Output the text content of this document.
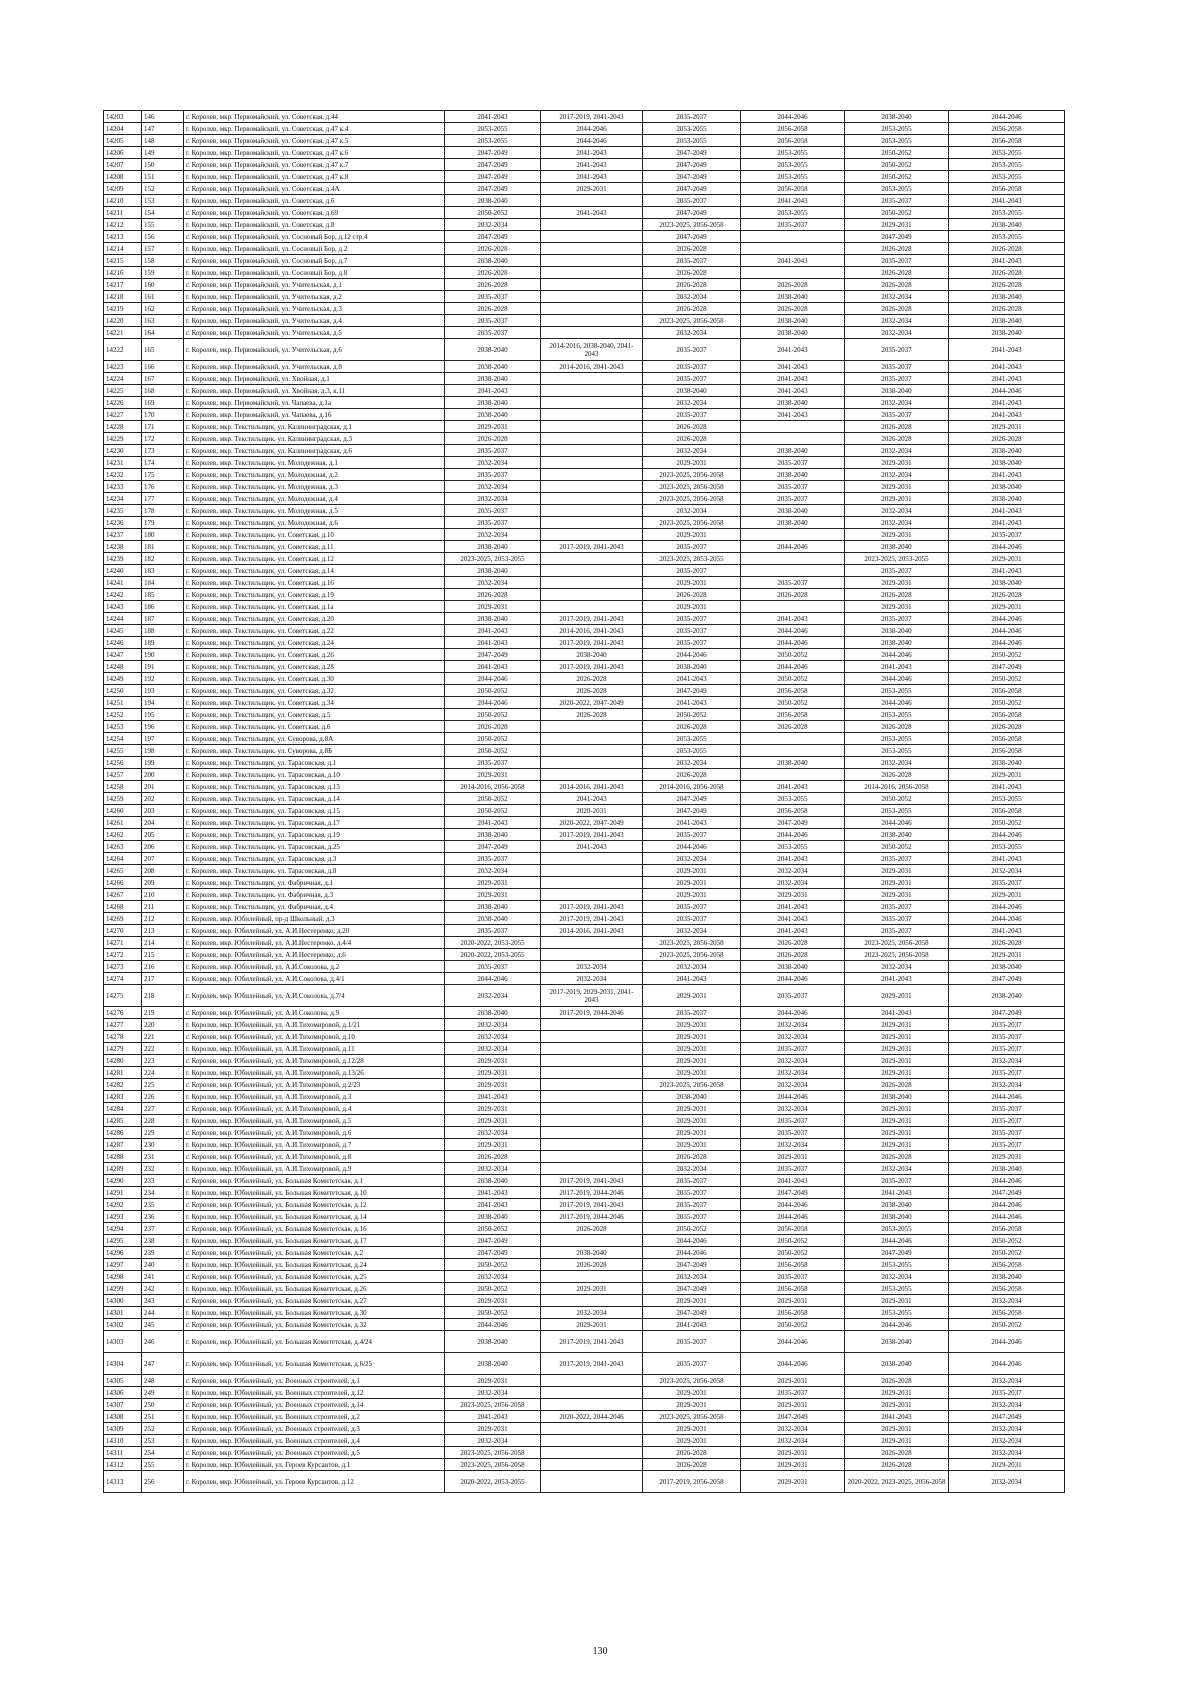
14203	146	г. Королев, мкр. Первомайский, ул. Советская, д.44	2041-2043	2017-2019, 2041-2043	2035-2037	2044-2046	2038-2040	2044-2046
14204	147	г. Королев, мкр. Первомайский, ул. Советская, д.47 к.4	2053-2055	2044-2046	2053-2055	2056-2058	2053-2055	2056-2058
14205	148	г. Королев, мкр. Первомайский, ул. Советская, д.47 к.5	2053-2055	2044-2046	2053-2055	2056-2058	2053-2055	2056-2058
14206	149	г. Королев, мкр. Первомайский, ул. Советская, д.47 к.6	2047-2049	2041-2043	2047-2049	2053-2055	2050-2052	2053-2055
14207	150	г. Королев, мкр. Первомайский, ул. Советская, д.47 к.7	2047-2049	2041-2043	2047-2049	2053-2055	2050-2052	2053-2055
14208	151	г. Королев, мкр. Первомайский, ул. Советская, д.47 к.8	2047-2049	2041-2043	2047-2049	2053-2055	2050-2052	2053-2055
14209	152	г. Королев, мкр. Первомайский, ул. Советская, д.4А	2047-2049	2029-2031	2047-2049	2056-2058	2053-2055	2056-2058
14210	153	г. Королев, мкр. Первомайский, ул. Советская, д.6	2038-2040		2035-2037	2041-2043	2035-2037	2041-2043
14211	154	г. Королев, мкр. Первомайский, ул. Советская, д.69	2050-2052	2041-2043	2047-2049	2053-2055	2050-2052	2053-2055
14212	155	г. Королев, мкр. Первомайский, ул. Советская, д.8	2032-2034		2023-2025, 2056-2058	2035-2037	2029-2031	2038-2040
14213	156	г. Королев, мкр. Первомайский, ул. Сосновый Бор, д.12 стр.4	2047-2049		2047-2049		2047-2049	2053-2055
14214	157	г. Королев, мкр. Первомайский, ул. Сосновый Бор, д.2	2026-2028		2026-2028		2026-2028	2026-2028
14215	158	г. Королев, мкр. Первомайский, ул. Сосновый Бор, д.7	2038-2040		2035-2037	2041-2043	2035-2037	2041-2043
14216	159	г. Королев, мкр. Первомайский, ул. Сосновый Бор, д.8	2026-2028		2026-2028		2026-2028	2026-2028
14217	160	г. Королев, мкр. Первомайский, ул. Учительская, д.1	2026-2028		2026-2028	2026-2028	2026-2028	2026-2028
14218	161	г. Королев, мкр. Первомайский, ул. Учительская, д.2	2035-2037		2032-2034	2038-2040	2032-2034	2038-2040
14219	162	г. Королев, мкр. Первомайский, ул. Учительская, д.3	2026-2028		2026-2028	2026-2028	2026-2028	2026-2028
14220	163	г. Королев, мкр. Первомайский, ул. Учительская, д.4	2035-2037		2023-2025, 2056-2058	2038-2040	2032-2034	2038-2040
14221	164	г. Королев, мкр. Первомайский, ул. Учительская, д.5	2035-2037		2032-2034	2038-2040	2032-2034	2038-2040
14222	165	г. Королев, мкр. Первомайский, ул. Учительская, д.6	2038-2040	2014-2016, 2038-2040, 2041-2043	2035-2037	2041-2043	2035-2037	2041-2043
14223	166	г. Королев, мкр. Первомайский, ул. Учительская, д.8	2038-2040	2014-2016, 2041-2043	2035-2037	2041-2043	2035-2037	2041-2043
14224	167	г. Королев, мкр. Первомайский, ул. Хвойная, д.1	2038-2040		2035-2037	2041-2043	2035-2037	2041-2043
14225	168	г. Королев, мкр. Первомайский, ул. Хвойная, д.3, к.11	2041-2043		2038-2040	2041-2043	2038-2040	2044-2046
14226	169	г. Королев, мкр. Первомайский, ул. Чапаева, д.1а	2038-2040		2032-2034	2038-2040	2032-2034	2041-2043
14227	170	г. Королев, мкр. Первомайский, ул. Чапаева, д.16	2038-2040		2035-2037	2041-2043	2035-2037	2041-2043
14228	171	г. Королев, мкр. Текстильщик, ул. Калининградская, д.1	2029-2031		2026-2028		2026-2028	2029-2031
14229	172	г. Королев, мкр. Текстильщик, ул. Калининградская, д.3	2026-2028		2026-2028		2026-2028	2026-2028
14230	173	г. Королев, мкр. Текстильщик, ул. Калининградская, д.6	2035-2037		2032-2034	2038-2040	2032-2034	2038-2040
14231	174	г. Королев, мкр. Текстильщик, ул. Молодежная, д.1	2032-2034		2029-2031	2035-2037	2029-2031	2038-2040
14232	175	г. Королев, мкр. Текстильщик, ул. Молодежная, д.2	2035-2037		2023-2025, 2056-2058	2038-2040	2032-2034	2041-2043
14233	176	г. Королев, мкр. Текстильщик, ул. Молодежная, д.3	2032-2034		2023-2025, 2056-2058	2035-2037	2029-2031	2038-2040
14234	177	г. Королев, мкр. Текстильщик, ул. Молодежная, д.4	2032-2034		2023-2025, 2056-2058	2035-2037	2029-2031	2038-2040
14235	178	г. Королев, мкр. Текстильщик, ул. Молодежная, д.5	2035-2037		2032-2034	2038-2040	2032-2034	2041-2043
14236	179	г. Королев, мкр. Текстильщик, ул. Молодежная, д.6	2035-2037		2023-2025, 2056-2058	2038-2040	2032-2034	2041-2043
14237	180	г. Королев, мкр. Текстильщик, ул. Советская, д.10	2032-2034		2029-2031		2029-2031	2035-2037
14238	181	г. Королев, мкр. Текстильщик, ул. Советская, д.11	2038-2040	2017-2019, 2041-2043	2035-2037	2044-2046	2038-2040	2044-2046
14239	182	г. Королев, мкр. Текстильщик, ул. Советская, д.12	2023-2025, 2053-2055		2023-2025, 2053-2055		2023-2025, 2053-2055	2029-2031
14240	183	г. Королев, мкр. Текстильщик, ул. Советская, д.14	2038-2040		2035-2037		2035-2037	2041-2043
14241	184	г. Королев, мкр. Текстильщик, ул. Советская, д.16	2032-2034		2029-2031	2035-2037	2029-2031	2038-2040
14242	185	г. Королев, мкр. Текстильщик, ул. Советская, д.19	2026-2028		2026-2028	2026-2028	2026-2028	2026-2028
14243	186	г. Королев, мкр. Текстильщик, ул. Советская, д.1а	2029-2031		2029-2031		2029-2031	2029-2031
14244	187	г. Королев, мкр. Текстильщик, ул. Советская, д.20	2038-2040	2017-2019, 2041-2043	2035-2037	2041-2043	2035-2037	2044-2046
14245	188	г. Королев, мкр. Текстильщик, ул. Советская, д.22	2041-2043	2014-2016, 2041-2043	2035-2037	2044-2046	2038-2040	2044-2046
14246	189	г. Королев, мкр. Текстильщик, ул. Советская, д.24	2041-2043	2017-2019, 2041-2043	2035-2037	2044-2046	2038-2040	2044-2046
14247	190	г. Королев, мкр. Текстильщик, ул. Советская, д.26	2047-2049	2038-2040	2044-2046	2050-2052	2044-2046	2050-2052
14248	191	г. Королев, мкр. Текстильщик, ул. Советская, д.28	2041-2043	2017-2019, 2041-2043	2038-2040	2044-2046	2041-2043	2047-2049
14249	192	г. Королев, мкр. Текстильщик, ул. Советская, д.30	2044-2046	2026-2028	2041-2043	2050-2052	2044-2046	2050-2052
14250	193	г. Королев, мкр. Текстильщик, ул. Советская, д.32	2050-2052	2026-2028	2047-2049	2056-2058	2053-2055	2056-2058
14251	194	г. Королев, мкр. Текстильщик, ул. Советская, д.34	2044-2046	2020-2022, 2047-2049	2041-2043	2050-2052	2044-2046	2050-2052
14252	195	г. Королев, мкр. Текстильщик, ул. Советская, д.5	2050-2052	2026-2028	2050-2052	2056-2058	2053-2055	2056-2058
14253	196	г. Королев, мкр. Текстильщик, ул. Советская, д.6	2026-2028		2026-2028	2026-2028	2026-2028	2026-2028
14254	197	г. Королев, мкр. Текстильщик, ул. Суворова, д.8А	2050-2052		2053-2055		2053-2055	2056-2058
14255	198	г. Королев, мкр. Текстильщик, ул. Суворова, д.8Б	2050-2052		2053-2055		2053-2055	2056-2058
14256	199	г. Королев, мкр. Текстильщик, ул. Тарасовская, д.1	2035-2037		2032-2034	2038-2040	2032-2034	2038-2040
14257	200	г. Королев, мкр. Текстильщик, ул. Тарасовская, д.10	2029-2031		2026-2028		2026-2028	2029-2031
14258	201	г. Королев, мкр. Текстильщик, ул. Тарасовская, д.13	2014-2016, 2056-2058	2014-2016, 2041-2043	2014-2016, 2056-2058	2041-2043	2014-2016, 2056-2058	2041-2043
14259	202	г. Королев, мкр. Текстильщик, ул. Тарасовская, д.14	2050-2052	2041-2043	2047-2049	2053-2055	2050-2052	2053-2055
14260	203	г. Королев, мкр. Текстильщик, ул. Тарасовская, д.15	2050-2052	2020-2031	2047-2049	2056-2058	2053-2055	2056-2058
14261	204	г. Королев, мкр. Текстильщик, ул. Тарасовская, д.17	2041-2043	2020-2022, 2047-2049	2041-2043	2047-2049	2044-2046	2050-2052
14262	205	г. Королев, мкр. Текстильщик, ул. Тарасовская, д.19	2038-2040	2017-2019, 2041-2043	2035-2037	2044-2046	2038-2040	2044-2046
14263	206	г. Королев, мкр. Текстильщик, ул. Тарасовская, д.25	2047-2049	2041-2043	2044-2046	2053-2055	2050-2052	2053-2055
14264	207	г. Королев, мкр. Текстильщик, ул. Тарасовская, д.3	2035-2037		2032-2034	2041-2043	2035-2037	2041-2043
14265	208	г. Королев, мкр. Текстильщик, ул. Тарасовская, д.8	2032-2034		2029-2031	2032-2034	2029-2031	2032-2034
14266	209	г. Королев, мкр. Текстильщик, ул. Фабричная, д.1	2029-2031		2029-2031	2032-2034	2029-2031	2035-2037
14267	210	г. Королев, мкр. Текстильщик, ул. Фабричная, д.3	2029-2031		2029-2031	2029-2031	2029-2031	2029-2031
14268	211	г. Королев, мкр. Текстильщик, ул. Фабричная, д.4	2038-2040	2017-2019, 2041-2043	2035-2037	2041-2043	2035-2037	2044-2046
14269	212	г. Королев, мкр. Юбилейный, пр-д Школьный, д.3	2038-2040	2017-2019, 2041-2043	2035-2037	2041-2043	2035-2037	2044-2046
14270	213	г. Королев, мкр. Юбилейный, ул. А.И.Нестеренко, д.20	2035-2037	2014-2016, 2041-2043	2032-2034	2041-2043	2035-2037	2041-2043
14271	214	г. Королев, мкр. Юбилейный, ул. А.И.Нестеренко, д.4/4	2020-2022, 2053-2055		2023-2025, 2056-2058	2026-2028	2023-2025, 2056-2058	2026-2028
14272	215	г. Королев, мкр. Юбилейный, ул. А.И.Нестеренко, д.6	2020-2022, 2053-2055		2023-2025, 2056-2058	2026-2028	2023-2025, 2056-2058	2029-2031
14273	216	г. Королев, мкр. Юбилейный, ул. А.И.Соколова, д.2	2035-2037	2032-2034	2032-2034	2038-2040	2032-2034	2038-2040
14274	217	г. Королев, мкр. Юбилейный, ул. А.И.Соколова, д.4/1	2044-2046	2032-2034	2041-2043	2044-2046	2041-2043	2047-2049
14275	218	г. Королев, мкр. Юбилейный, ул. А.И.Соколова, д.7/4	2032-2034	2017-2019, 2029-2031, 2041-2043	2029-2031	2035-2037	2029-2031	2038-2040
14276	219	г. Королев, мкр. Юбилейный, ул. А.И.Соколова, д.9	2038-2040	2017-2019, 2044-2046	2035-2037	2044-2046	2041-2043	2047-2049
14277	220	г. Королев, мкр. Юбилейный, ул. А.И.Тихомировой, д.1/21	2032-2034		2029-2031	2032-2034	2029-2031	2035-2037
14278	221	г. Королев, мкр. Юбилейный, ул. А.И.Тихомировой, д.10	2032-2034		2029-2031	2032-2034	2029-2031	2035-2037
14279	222	г. Королев, мкр. Юбилейный, ул. А.И.Тихомировой, д.11	2032-2034		2029-2031	2035-2037	2029-2031	2035-2037
14280	223	г. Королев, мкр. Юбилейный, ул. А.И.Тихомировой, д.12/28	2029-2031		2029-2031	2032-2034	2029-2031	2032-2034
14281	224	г. Королев, мкр. Юбилейный, ул. А.И.Тихомировой, д.13/26	2029-2031		2029-2031	2032-2034	2029-2031	2035-2037
14282	225	г. Королев, мкр. Юбилейный, ул. А.И.Тихомировой, д.2/23	2029-2031		2023-2025, 2056-2058	2032-2034	2026-2028	2032-2034
14283	226	г. Королев, мкр. Юбилейный, ул. А.И.Тихомировой, д.3	2041-2043		2038-2040	2044-2046	2038-2040	2044-2046
14284	227	г. Королев, мкр. Юбилейный, ул. А.И.Тихомировой, д.4	2029-2031		2029-2031	2032-2034	2029-2031	2035-2037
14285	228	г. Королев, мкр. Юбилейный, ул. А.И.Тихомировой, д.5	2029-2031		2029-2031	2035-2037	2029-2031	2035-2037
14286	229	г. Королев, мкр. Юбилейный, ул. А.И.Тихомировой, д.6	2032-2034		2029-2031	2035-2037	2029-2031	2035-2037
14287	230	г. Королев, мкр. Юбилейный, ул. А.И.Тихомировой, д.7	2029-2031		2029-2031	2032-2034	2029-2031	2035-2037
14288	231	г. Королев, мкр. Юбилейный, ул. А.И.Тихомировой, д.8	2026-2028		2026-2028	2029-2031	2026-2028	2029-2031
14289	232	г. Королев, мкр. Юбилейный, ул. А.И.Тихомировой, д.9	2032-2034		2032-2034	2035-2037	2032-2034	2038-2040
14290	233	г. Королев, мкр. Юбилейный, ул. Большая Комитетская, д.1	2038-2040	2017-2019, 2041-2043	2035-2037	2041-2043	2035-2037	2044-2046
14291	234	г. Королев, мкр. Юбилейный, ул. Большая Комитетская, д.10	2041-2043	2017-2019, 2044-2046	2035-2037	2047-2049	2041-2043	2047-2049
14292	235	г. Королев, мкр. Юбилейный, ул. Большая Комитетская, д.12	2041-2043	2017-2019, 2041-2043	2035-2037	2044-2046	2038-2040	2044-2046
14293	236	г. Королев, мкр. Юбилейный, ул. Большая Комитетская, д.14	2038-2040	2017-2019, 2044-2046	2035-2037	2044-2046	2038-2040	2044-2046
14294	237	г. Королев, мкр. Юбилейный, ул. Большая Комитетская, д.16	2050-2052	2026-2028	2050-2052	2056-2058	2053-2055	2056-2058
14295	238	г. Королев, мкр. Юбилейный, ул. Большая Комитетская, д.17	2047-2049		2044-2046	2050-2052	2044-2046	2050-2052
14296	239	г. Королев, мкр. Юбилейный, ул. Большая Комитетская, д.2	2047-2049	2038-2040	2044-2046	2050-2052	2047-2049	2050-2052
14297	240	г. Королев, мкр. Юбилейный, ул. Большая Комитетская, д.24	2050-2052	2026-2028	2047-2049	2056-2058	2053-2055	2056-2058
14298	241	г. Королев, мкр. Юбилейный, ул. Большая Комитетская, д.25	2032-2034		2032-2034	2035-2037	2032-2034	2038-2040
14299	242	г. Королев, мкр. Юбилейный, ул. Большая Комитетская, д.26	2050-2052	2029-2031	2047-2049	2056-2058	2053-2055	2056-2058
14300	243	г. Королев, мкр. Юбилейный, ул. Большая Комитетская, д.27	2029-2031		2029-2031	2029-2031	2029-2031	2032-2034
14301	244	г. Королев, мкр. Юбилейный, ул. Большая Комитетская, д.30	2050-2052	2032-2034	2047-2049	2056-2058	2053-2055	2056-2058
14302	245	г. Королев, мкр. Юбилейный, ул. Большая Комитетская, д.32	2044-2046	2029-2031	2041-2043	2050-2052	2044-2046	2050-2052
14303	246	г. Королев, мкр. Юбилейный, ул. Большая Комитетская, д.4/24	2038-2040	2017-2019, 2041-2043	2035-2037	2044-2046	2038-2040	2044-2046
14304	247	г. Королев, мкр. Юбилейный, ул. Большая Комитетская, д.6/25	2038-2040	2017-2019, 2041-2043	2035-2037	2044-2046	2038-2040	2044-2046
14305	248	г. Королев, мкр. Юбилейный, ул. Военных строителей, д.1	2029-2031		2023-2025, 2056-2058	2029-2031	2026-2028	2032-2034
14306	249	г. Королев, мкр. Юбилейный, ул. Военных строителей, д.12	2032-2034		2029-2031	2035-2037	2029-2031	2035-2037
14307	250	г. Королев, мкр. Юбилейный, ул. Военных строителей, д.14	2023-2025, 2056-2058		2029-2031	2029-2031	2029-2031	2032-2034
14308	251	г. Королев, мкр. Юбилейный, ул. Военных строителей, д.2	2041-2043	2020-2022, 2044-2046	2023-2025, 2056-2058	2047-2049	2041-2043	2047-2049
14309	252	г. Королев, мкр. Юбилейный, ул. Военных строителей, д.3	2029-2031		2029-2031	2032-2034	2029-2031	2032-2034
14310	253	г. Королев, мкр. Юбилейный, ул. Военных строителей, д.4	2032-2034		2029-2031	2032-2034	2029-2031	2032-2034
14311	254	г. Королев, мкр. Юбилейный, ул. Военных строителей, д.5	2023-2025, 2056-2058		2026-2028	2029-2031	2026-2028	2032-2034
14312	255	г. Королев, мкр. Юбилейный, ул. Героев Курсантов, д.1	2023-2025, 2056-2058		2026-2028	2029-2031	2026-2028	2029-2031
14313	256	г. Королев, мкр. Юбилейный, ул. Героев Курсантов, д.12	2020-2022, 2053-2055		2017-2019, 2056-2058	2029-2031	2020-2022, 2023-2025, 2056-2058	2032-2034
130
